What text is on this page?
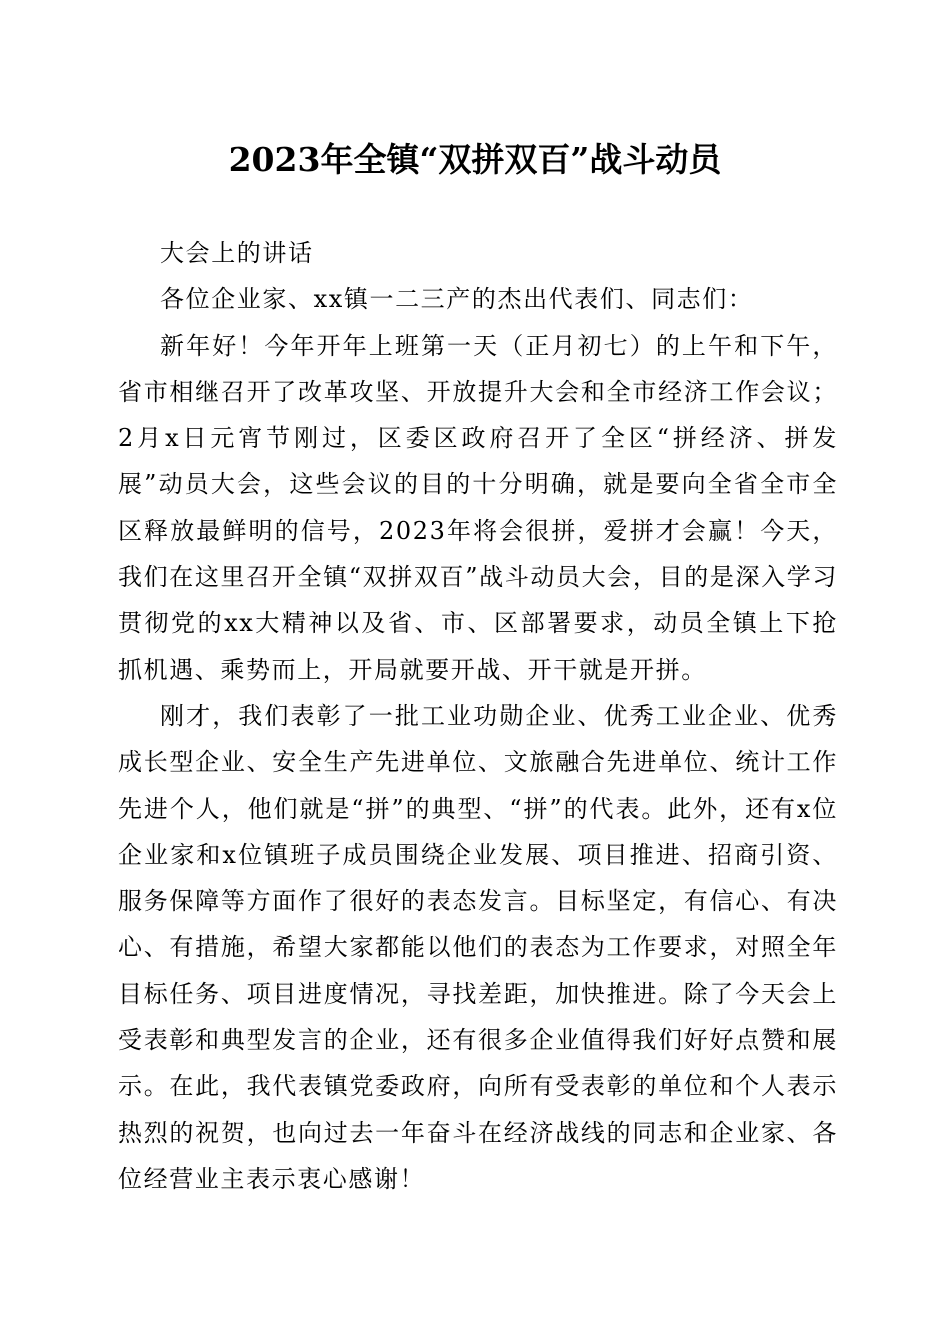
2023年全镇“双拼双百”战斗动员

大会上的讲话

各位企业家、xx镇一二三产的杰出代表们、同志们：

新年好！今年开年上班第一天（正月初七）的上午和下午，省市相继召开了改革攻坚、开放提升大会和全市经济工作会议；2月x日元宵节刚过，区委区政府召开了全区“拼经济、拼发展”动员大会，这些会议的目的十分明确，就是要向全省全市全区释放最鲜明的信号，2023年将会很拼，爱拼才会赢！今天，我们在这里召开全镇“双拼双百”战斗动员大会，目的是深入学习贯彻党的xx大精神以及省、市、区部署要求，动员全镇上下抢抓机遇、乘势而上，开局就要开战、开干就是开拼。

刚才，我们表彰了一批工业功勋企业、优秀工业企业、优秀成长型企业、安全生产先进单位、文旅融合先进单位、统计工作先进个人，他们就是“拼”的典型、“拼”的代表。此外，还有x位企业家和x位镇班子成员围绕企业发展、项目推进、招商引资、服务保障等方面作了很好的表态发言。目标坚定，有信心、有决心、有措施，希望大家都能以他们的表态为工作要求，对照全年目标任务、项目进度情况，寻找差距，加快推进。除了今天会上受表彰和典型发言的企业，还有很多企业值得我们好好点赞和展示。在此，我代表镇党委政府，向所有受表彰的单位和个人表示热烈的祝贺，也向过去一年奋斗在经济战线的同志和企业家、各位经营业主表示衷心感谢！
